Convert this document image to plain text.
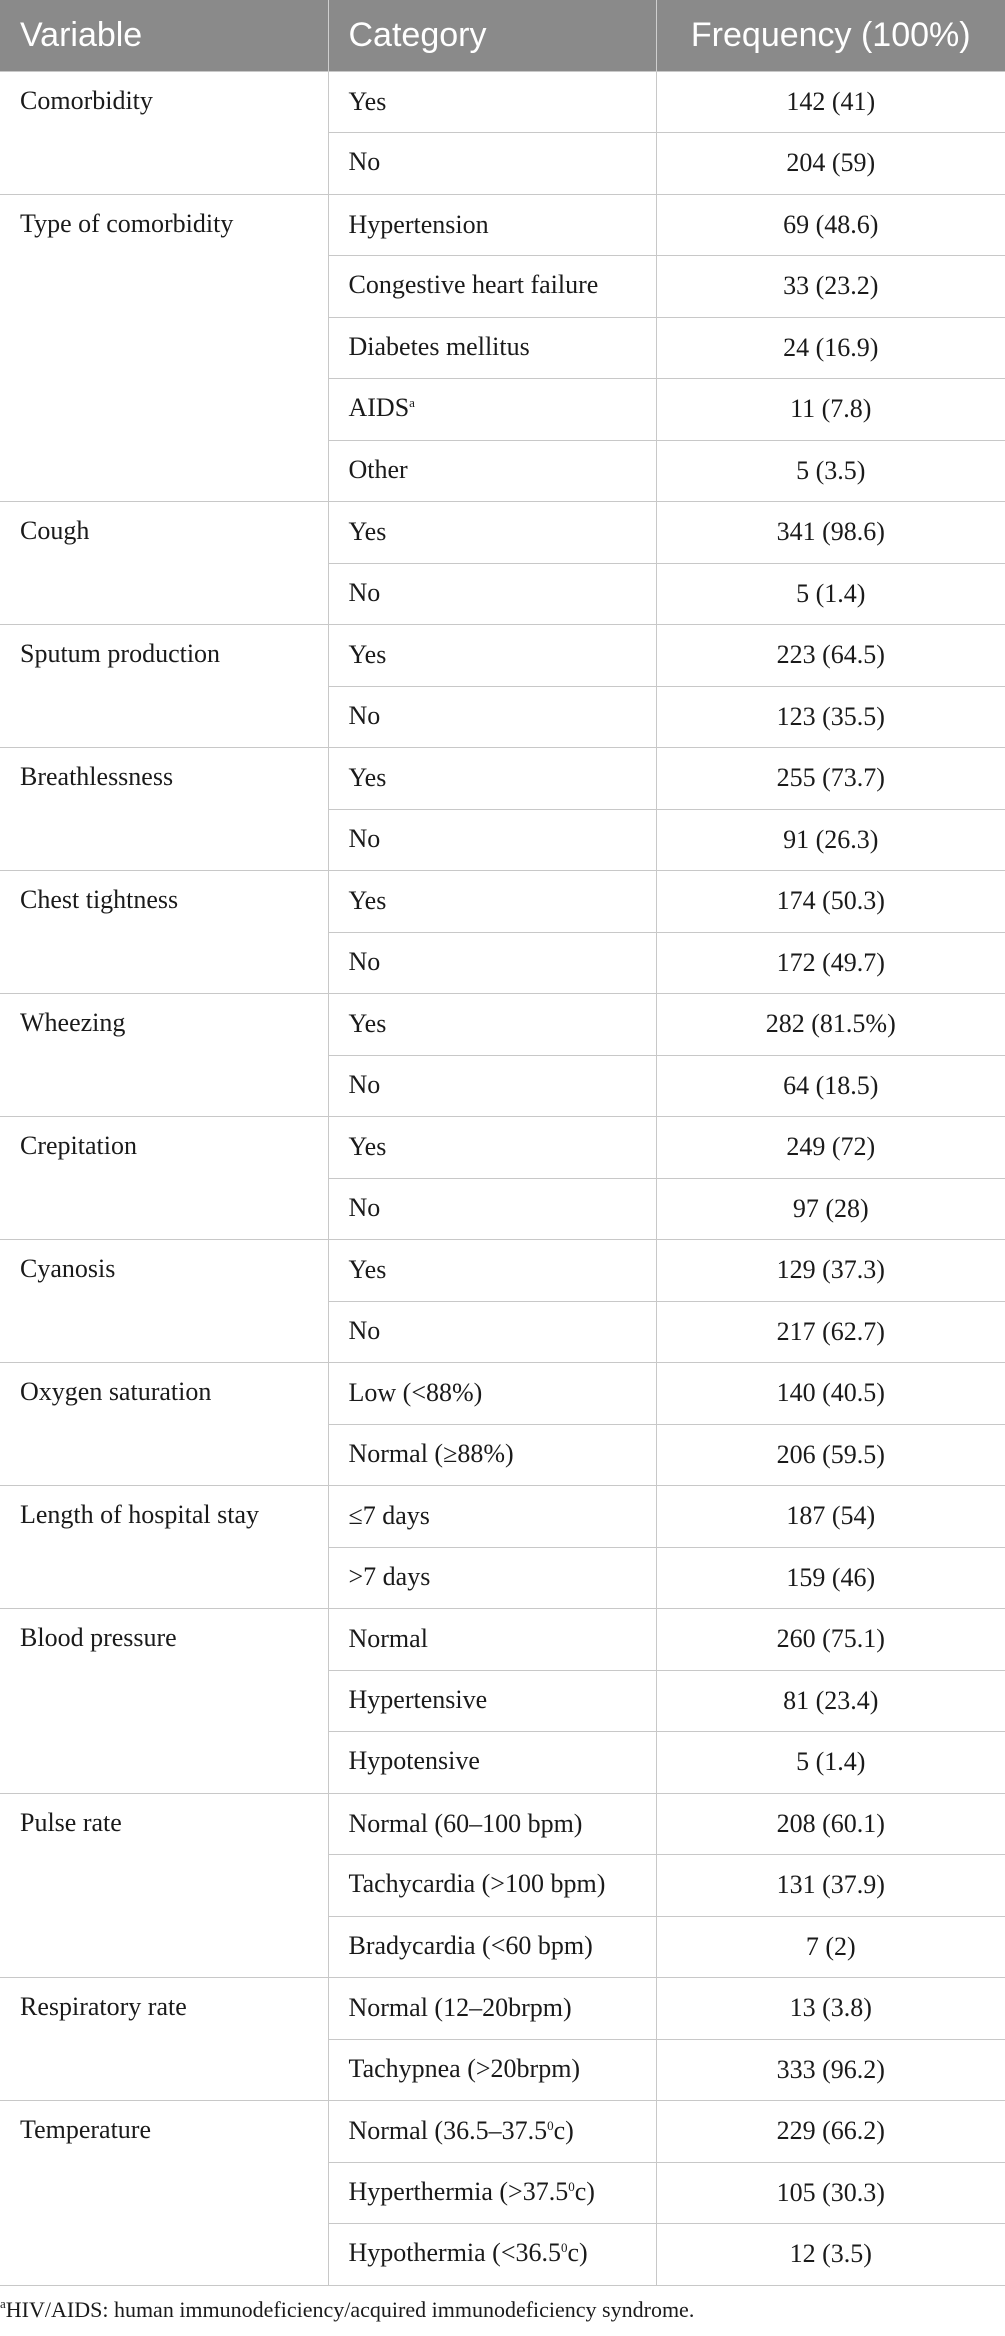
Variable	Category	Frequency (100%)
Comorbidity	Yes	142 (41)
	No	204 (59)
Type of comorbidity	Hypertension	69 (48.6)
	Congestive heart failure	33 (23.2)
	Diabetes mellitus	24 (16.9)
	AIDS$^a$	11 (7.8)
	Other	5 (3.5)
Cough	Yes	341 (98.6)
	No	5 (1.4)
Sputum production	Yes	223 (64.5)
	No	123 (35.5)
Breathlessness	Yes	255 (73.7)
	No	91 (26.3)
Chest tightness	Yes	174 (50.3)
	No	172 (49.7)
Wheezing	Yes	282 (81.5%)
	No	64 (18.5)
Crepitation	Yes	249 (72)
	No	97 (28)
Cyanosis	Yes	129 (37.3)
	No	217 (62.7)
Oxygen saturation	Low (<88%)	140 (40.5)
	Normal (≥88%)	206 (59.5)
Length of hospital stay	≤7 days	187 (54)
	>7 days	159 (46)
Blood pressure	Normal	260 (75.1)
	Hypertensive	81 (23.4)
	Hypotensive	5 (1.4)
Pulse rate	Normal (60–100 bpm)	208 (60.1)
	Tachycardia (>100 bpm)	131 (37.9)
	Bradycardia (<60 bpm)	7 (2)
Respiratory rate	Normal (12–20brpm)	13 (3.8)
	Tachypnea (>20brpm)	333 (96.2)
Temperature	Normal (36.5–37.5$^0$c)	229 (66.2)
	Hyperthermia $(>37.5^0c)$	105 (30.3)
	Hypothermia $(<36.5^0c)$	12 (3.5)
$^a$HIV/AIDS: human immunodeficiency/acquired immunodeficiency syndrome.
